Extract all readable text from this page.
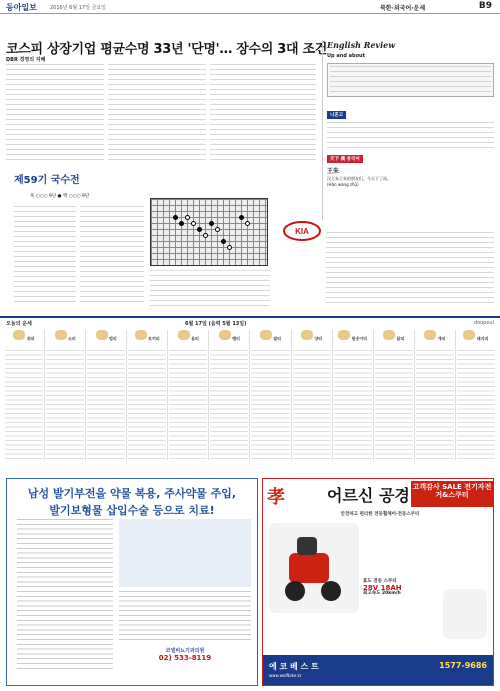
동아일보	2016년 6월 17일 금요일	북한·외국어·운세	B9
코스피 상장기업 평균수명 33년 '단명'… 장수의 3대 조건
DBR 경영의 지혜
English Review
Up and about
니혼고
天下 漢 중국어
王朱
汉王朱王朱的朋友们。今天下了雨。
(Hàn wáng zhū)
제59기 국수전
흑 ○○○ 9단 ● 백 ○○○ 9단
KIA
오늘의 운세	6월 17일 (음력 5월 13일)	doopeul
쥐띠	소띠	범띠	토끼띠	용띠	뱀띠	말띠	양띠	원숭이띠	닭띠	개띠	돼지띠
남성 발기부전을 약물 복용, 주사약물 주입,
발기보형물 삽입수술 등으로 치료!
코넬비뇨기과의원
02) 533-8119
孝	어르신 공경 고객감사 SALE 전기자전거&스쿠터
안전하고 편리한 전동휠체어·전동스쿠터
효도 전동 스쿠터
28V 18AH
최고속도 20km/h
에 코 베 스 트
www.wolfbike.kr
1577-9686
